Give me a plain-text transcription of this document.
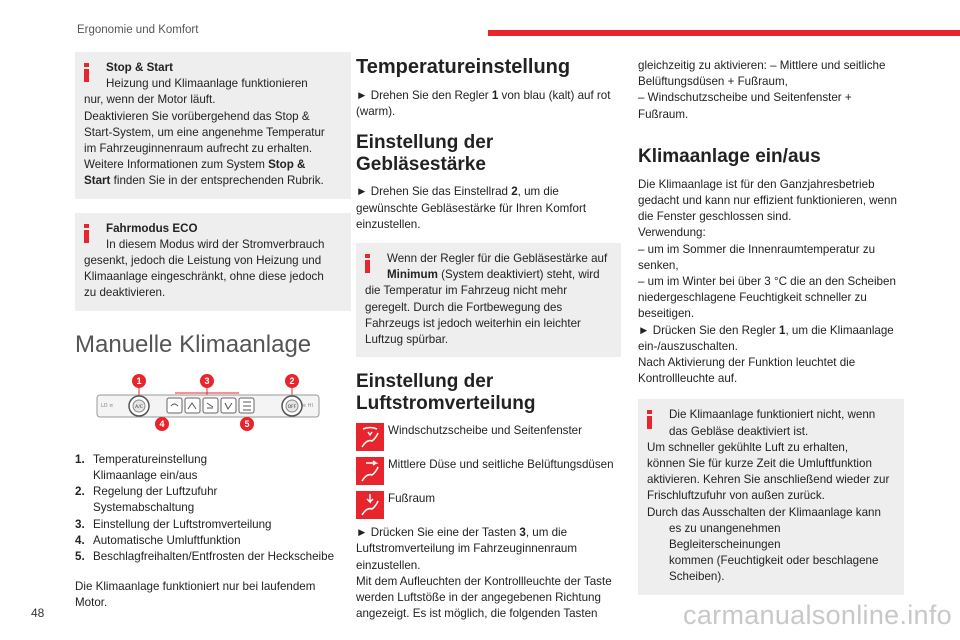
Ergonomie und Komfort

Stop & Start

Heizung und Klimaanlage funktionieren

nur, wenn der Motor läuft.

Deaktivieren Sie vorübergehend das Stop &

Start-System, um eine angenehme Temperatur

im Fahrzeuginnenraum aufrecht zu erhalten.

Weitere Informationen zum System Stop &

Start finden Sie in der entsprechenden Rubrik.

Fahrmodus ECO

In diesem Modus wird der Stromverbrauch

gesenkt, jedoch die Leistung von Heizung und

Klimaanlage eingeschränkt, ohne diese jedoch

zu deaktivieren.

Manuelle Klimaanlage
LO ≡	≡ HI
A/C	OFF
1	3	2
4	5
1. Temperatureinstellung

Klimaanlage ein/aus

2. Regelung der Luftzufuhr

Systemabschaltung

3. Einstellung der Luftstromverteilung

4. Automatische Umluftfunktion

5. Beschlagfreihalten/Entfrosten der Heckscheibe

Die Klimaanlage funktioniert nur bei laufendem

Motor.

Temperatureinstellung

► Drehen Sie den Regler 1 von blau (kalt) auf rot

(warm).

Einstellung der
Gebläsestärke

► Drehen Sie das Einstellrad 2, um die

gewünschte Gebläsestärke für Ihren Komfort

einzustellen.

Wenn der Regler für die Gebläsestärke auf

Minimum (System deaktiviert) steht, wird

die Temperatur im Fahrzeug nicht mehr

geregelt. Durch die Fortbewegung des

Fahrzeugs ist jedoch weiterhin ein leichter

Luftzug spürbar.

Einstellung der
Luftstromverteilung
Windschutzscheibe und Seitenfenster
Mittlere Düse und seitliche Belüftungsdüsen
Fußraum

► Drücken Sie eine der Tasten 3, um die

Luftstromverteilung im Fahrzeuginnenraum

einzustellen.

Mit dem Aufleuchten der Kontrollleuchte der Taste

werden Luftstöße in der angegebenen Richtung

angezeigt. Es ist möglich, die folgenden Tasten

gleichzeitig zu aktivieren: – Mittlere und seitliche

Belüftungsdüsen + Fußraum,

– Windschutzscheibe und Seitenfenster +

Fußraum.

Klimaanlage ein/aus

Die Klimaanlage ist für den Ganzjahresbetrieb

gedacht und kann nur effizient funktionieren, wenn

die Fenster geschlossen sind.

Verwendung:

– um im Sommer die Innenraumtemperatur zu

senken,

– um im Winter bei über 3 °C die an den Scheiben

niedergeschlagene Feuchtigkeit schneller zu

beseitigen.

► Drücken Sie den Regler 1, um die Klimaanlage

ein-/auszuschalten.

Nach Aktivierung der Funktion leuchtet die

Kontrollleuchte auf.

Die Klimaanlage funktioniert nicht, wenn

das Gebläse deaktiviert ist.

Um schneller gekühlte Luft zu erhalten,

können Sie für kurze Zeit die Umluftfunktion

aktivieren. Kehren Sie anschließend wieder zur

Frischluftzufuhr von außen zurück.

Durch das Ausschalten der Klimaanlage kann

es zu unangenehmen Begleiterscheinungen

kommen (Feuchtigkeit oder beschlagene

Scheiben).

48	carmanualsonline.info
